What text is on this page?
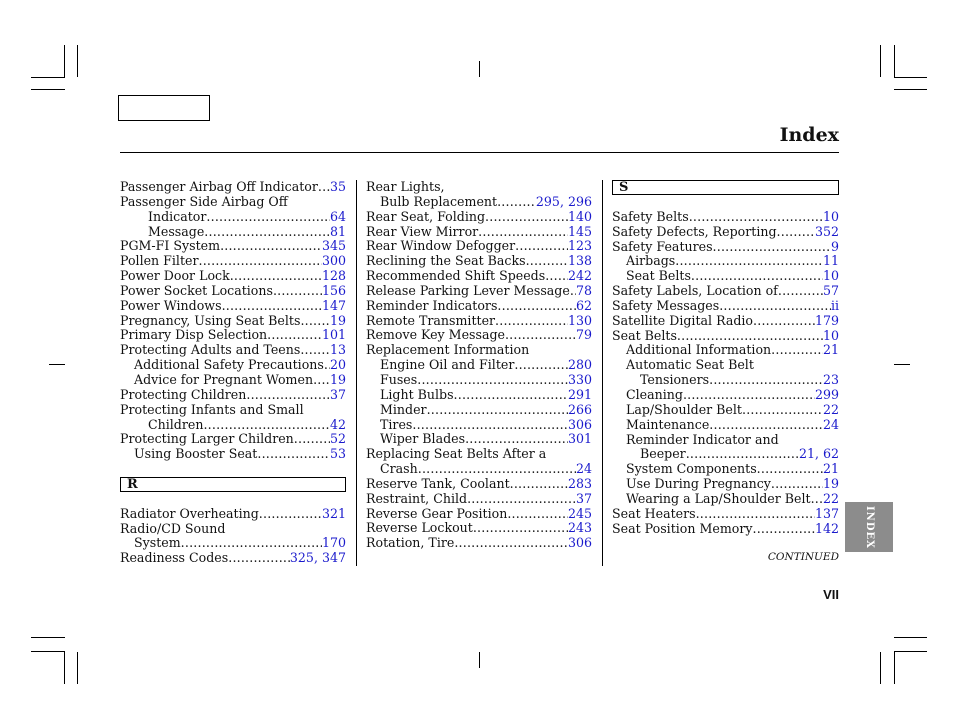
Index
Passenger Airbag Off Indicator . . . 35
Passenger Side Airbag Off
Indicator . . .	64
Message . . .	81
PGM-FI System . . .	345
Pollen Filter . . .	300
Power Door Lock . . .	128
Power Socket Locations . . .	156
Power Windows . . .	147
Pregnancy, Using Seat Belts . . . 19
Primary Disp Selection . . .	101
Protecting Adults and Teens . . . 13
Additional Safety Precautions . . . 20
Advice for Pregnant Women . . . 19
Protecting Children . . .	37
Protecting Infants and Small
Children . . .	42
Protecting Larger Children . . .	52
Using Booster Seat . . .	53
R
Radiator Overheating . . .	321
Radio/CD Sound
System . . .	170
Readiness Codes . . .	325, 347
Rear Lights,
Bulb Replacement . . .	295, 296
Rear Seat, Folding . . .	140
Rear View Mirror . . .	145
Rear Window Defogger . . .	123
Reclining the Seat Backs . . .	138
Recommended Shift Speeds . . . 242
Release Parking Lever Message . . . 78
Reminder Indicators . . .	62
Remote Transmitter . . .	130
Remove Key Message . . .	79
Replacement Information
Engine Oil and Filter . . .	280
Fuses . . .	330
Light Bulbs . . .	291
Minder . . .	266
Tires . . .	306
Wiper Blades . . .	301
Replacing Seat Belts After a
Crash . . .	24
Reserve Tank, Coolant . . .	283
Restraint, Child . . .	37
Reverse Gear Position . . .	245
Reverse Lockout . . .	243
Rotation, Tire . . .	306
S
Safety Belts . . .	10
Safety Defects, Reporting . . .	352
Safety Features . . .	9
Airbags . . .	11
Seat Belts . . .	10
Safety Labels, Location of . . .	57
Safety Messages . . .	ii
Satellite Digital Radio . . .	179
Seat Belts . . .	10
Additional Information . . .	21
Automatic Seat Belt
Tensioners . . .	23
Cleaning . . .	299
Lap/Shoulder Belt . . .	22
Maintenance . . .	24
Reminder Indicator and
Beeper . . .	21, 62
System Components . . .	21
Use During Pregnancy . . .	19
Wearing a Lap/Shoulder Belt . . . 22
Seat Heaters . . .	137
Seat Position Memory . . .	142
CONTINUED
INDEX
VII
